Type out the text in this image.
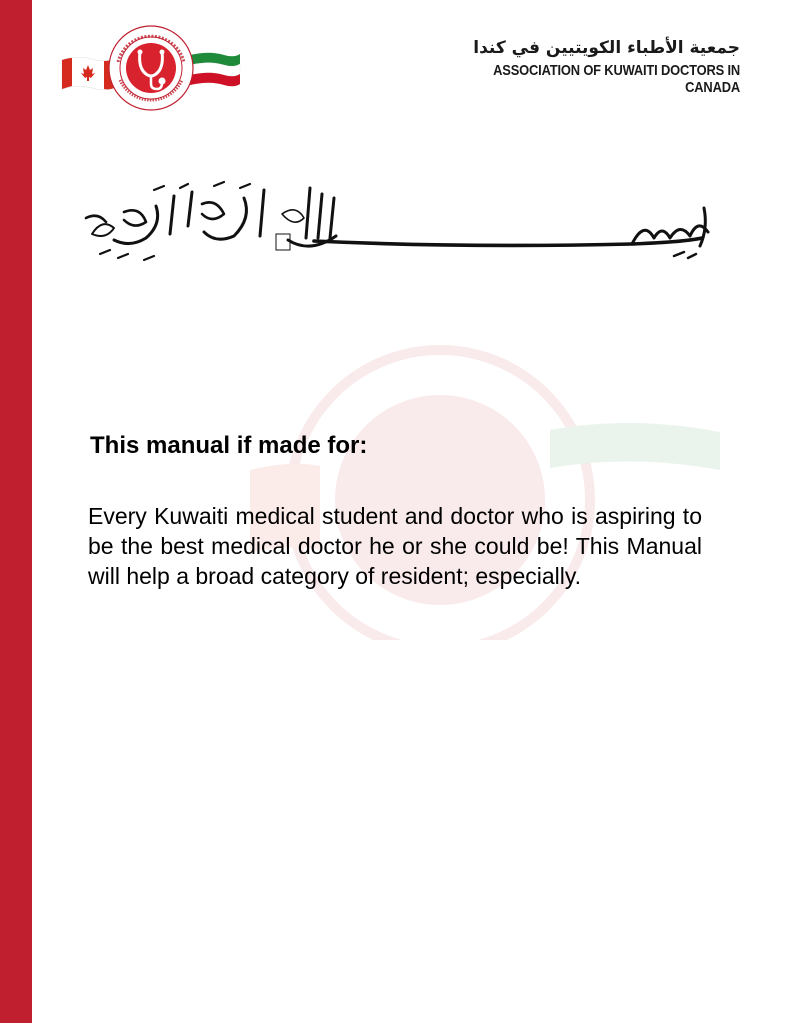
جمعية الأطباء الكويتيين في كندا
ASSOCIATION OF KUWAITI DOCTORS IN CANADA
This manual if made for:
Every Kuwaiti medical student and doctor who is aspiring to be the best medical doctor he or she could be! This Manual will help a broad category of resident; especially.
